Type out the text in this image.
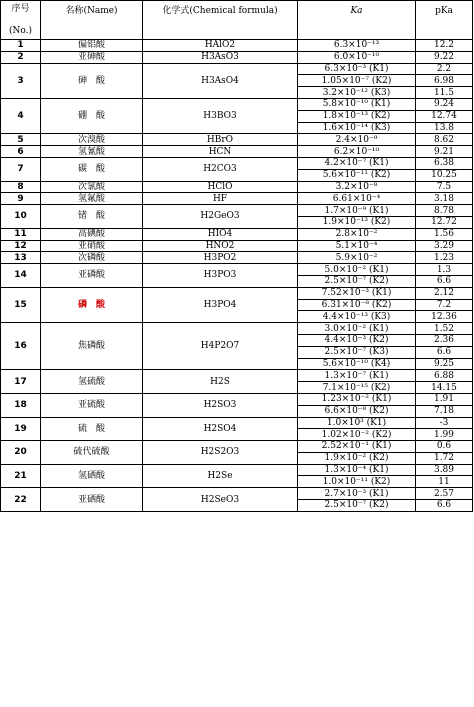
序号

(No.)	名称(Name)	化学式(Chemical formula)	Ka	pKa
1	偏铝酸	HAlO2	6.3×10⁻¹³	12.2
2	亚砷酸	H3AsO3	6.0×10⁻¹⁰	9.22
3	砷　酸	H3AsO4	6.3×10⁻³ (K1)	2.2
			1.05×10⁻⁷ (K2)	6.98
			3.2×10⁻¹² (K3)	11.5
4	硼　酸	H3BO3	5.8×10⁻¹⁰ (K1)	9.24
			1.8×10⁻¹³ (K2)	12.74
			1.6×10⁻¹⁴ (K3)	13.8
5	次溴酸	HBrO	2.4×10⁻⁹	8.62
6	氢氰酸	HCN	6.2×10⁻¹⁰	9.21
7	碳　酸	H2CO3	4.2×10⁻⁷ (K1)	6.38
			5.6×10⁻¹¹ (K2)	10.25
8	次氯酸	HClO	3.2×10⁻⁸	7.5
9	氢氟酸	HF	6.61×10⁻⁴	3.18
10	锗　酸	H2GeO3	1.7×10⁻⁹ (K1)	8.78
			1.9×10⁻¹³ (K2)	12.72
11	高碘酸	HIO4	2.8×10⁻²	1.56
12	亚硝酸	HNO2	5.1×10⁻⁴	3.29
13	次磷酸	H3PO2	5.9×10⁻²	1.23
14	亚磷酸	H3PO3	5.0×10⁻² (K1)	1.3
			2.5×10⁻⁷ (K2)	6.6
15	磷　酸	H3PO4	7.52×10⁻³ (K1)	2.12
			6.31×10⁻⁸ (K2)	7.2
			4.4×10⁻¹³ (K3)	12.36
16	焦磷酸	H4P2O7	3.0×10⁻² (K1)	1.52
			4.4×10⁻³ (K2)	2.36
			2.5×10⁻⁷ (K3)	6.6
			5.6×10⁻¹⁰ (K4)	9.25
17	氢硫酸	H2S	1.3×10⁻⁷ (K1)	6.88
			7.1×10⁻¹⁵ (K2)	14.15
18	亚硫酸	H2SO3	1.23×10⁻² (K1)	1.91
			6.6×10⁻⁸ (K2)	7.18
19	硫　酸	H2SO4	1.0×10³ (K1)	-3
			1.02×10⁻² (K2)	1.99
20	硫代硫酸	H2S2O3	2.52×10⁻¹ (K1)	0.6
			1.9×10⁻² (K2)	1.72
21	氢硒酸	H2Se	1.3×10⁻⁴ (K1)	3.89
			1.0×10⁻¹¹ (K2)	11
22	亚硒酸	H2SeO3	2.7×10⁻³ (K1)	2.57
			2.5×10⁻⁷ (K2)	6.6
